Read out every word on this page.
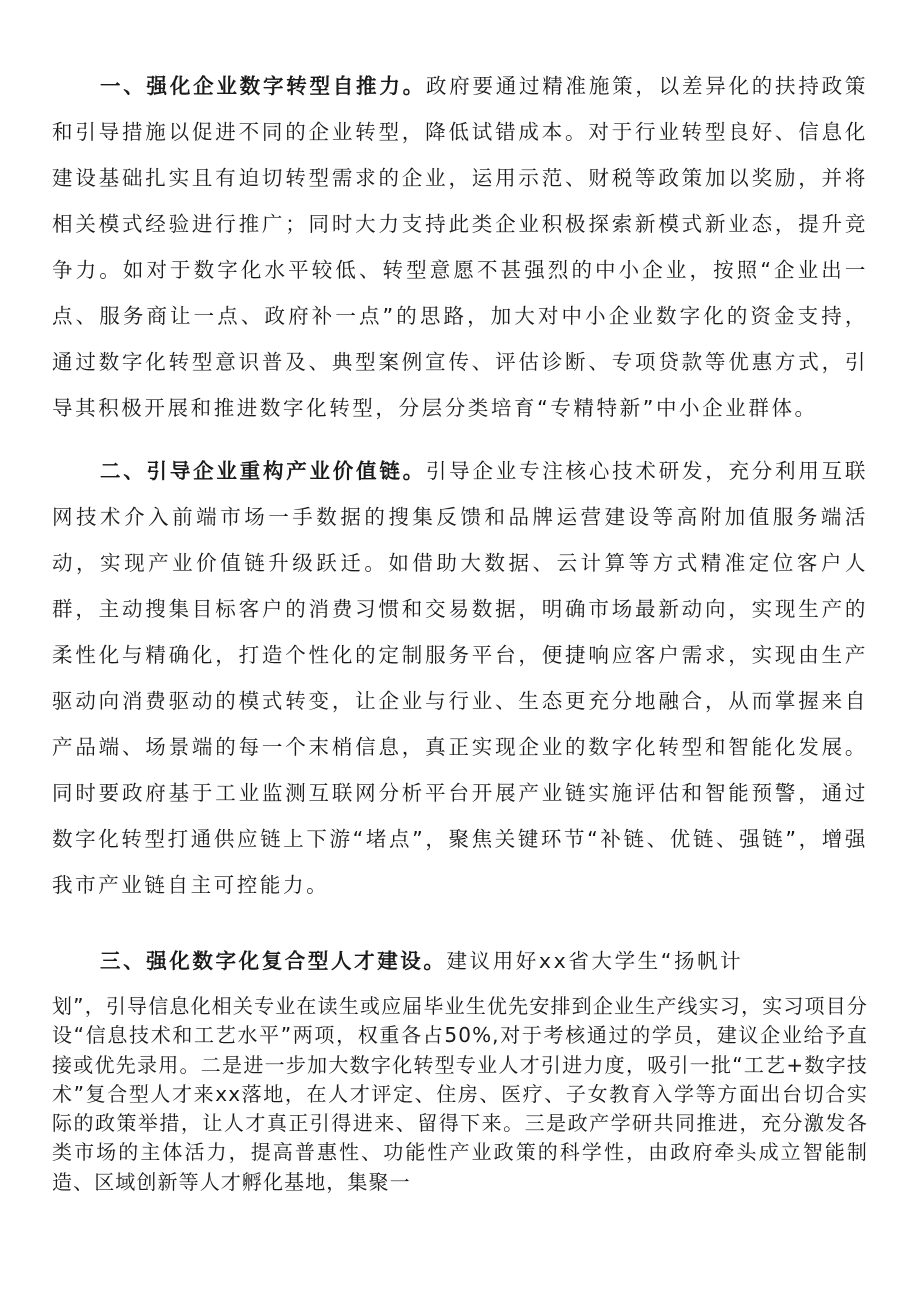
一、强化企业数字转型自推力。政府要通过精准施策，以差异化的扶持政策和引导措施以促进不同的企业转型，降低试错成本。对于行业转型良好、信息化建设基础扎实且有迫切转型需求的企业，运用示范、财税等政策加以奖励，并将相关模式经验进行推广；同时大力支持此类企业积极探索新模式新业态，提升竞争力。如对于数字化水平较低、转型意愿不甚强烈的中小企业，按照“企业出一点、服务商让一点、政府补一点”的思路，加大对中小企业数字化的资金支持，通过数字化转型意识普及、典型案例宣传、评估诊断、专项贷款等优惠方式，引导其积极开展和推进数字化转型，分层分类培育“专精特新”中小企业群体。

二、引导企业重构产业价值链。引导企业专注核心技术研发，充分利用互联网技术介入前端市场一手数据的搜集反馈和品牌运营建设等高附加值服务端活动，实现产业价值链升级跃迁。如借助大数据、云计算等方式精准定位客户人群，主动搜集目标客户的消费习惯和交易数据，明确市场最新动向，实现生产的柔性化与精确化，打造个性化的定制服务平台，便捷响应客户需求，实现由生产驱动向消费驱动的模式转变，让企业与行业、生态更充分地融合，从而掌握来自产品端、场景端的每一个末梢信息，真正实现企业的数字化转型和智能化发展。同时要政府基于工业监测互联网分析平台开展产业链实施评估和智能预警，通过数字化转型打通供应链上下游“堵点”，聚焦关键环节“补链、优链、强链”，增强我市产业链自主可控能力。

三、强化数字化复合型人才建设。建议用好xx省大学生“扬帆计

划”，引导信息化相关专业在读生或应届毕业生优先安排到企业生产线实习，实习项目分设“信息技术和工艺水平”两项，权重各占50%,对于考核通过的学员，建议企业给予直接或优先录用。二是进一步加大数字化转型专业人才引进力度，吸引一批“工艺+数字技术”复合型人才来xx落地，在人才评定、住房、医疗、子女教育入学等方面出台切合实际的政策举措，让人才真正引得进来、留得下来。三是政产学研共同推进，充分激发各类市场的主体活力，提高普惠性、功能性产业政策的科学性，由政府牵头成立智能制造、区域创新等人才孵化基地，集聚一
